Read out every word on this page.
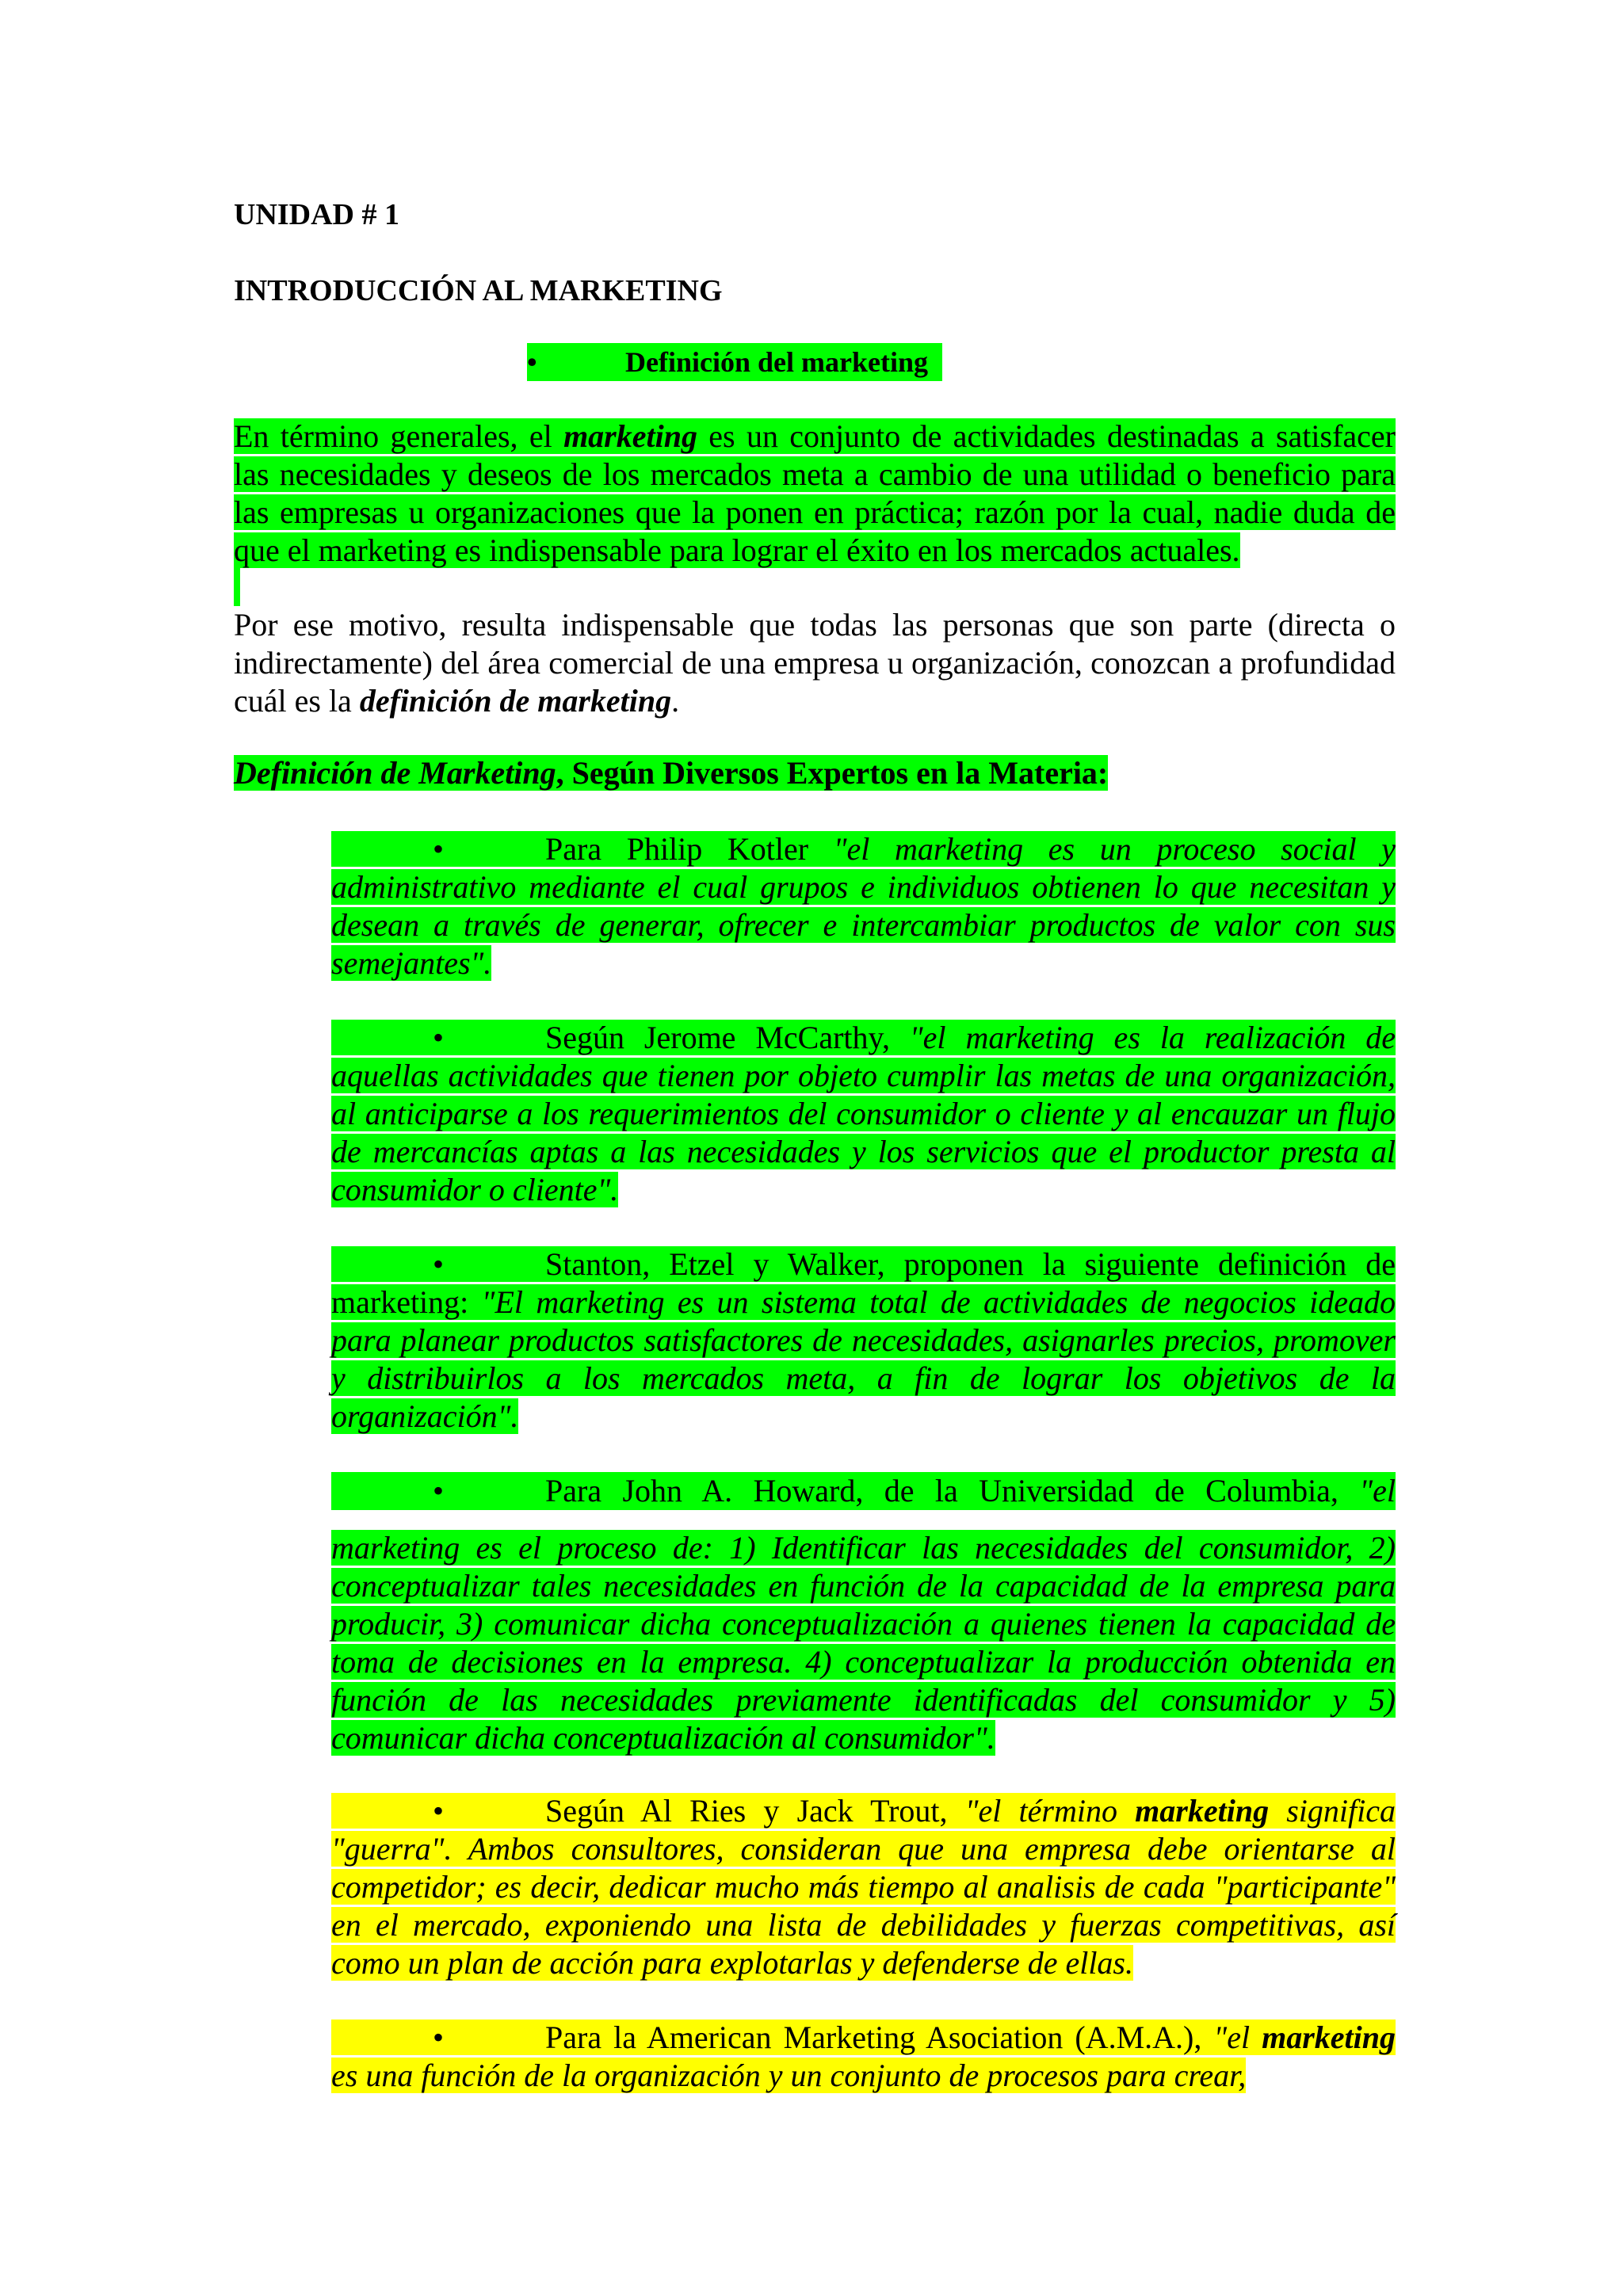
UNIDAD # 1
INTRODUCCIÓN AL MARKETING
•	Definición del marketing
En término generales, el marketing es un conjunto de actividades destinadas a satisfacer las necesidades y deseos de los mercados meta a cambio de una utilidad o beneficio para las empresas u organizaciones que la ponen en práctica; razón por la cual, nadie duda de que el marketing es indispensable para lograr el éxito en los mercados actuales.
Por ese motivo, resulta indispensable que todas las personas que son parte (directa o indirectamente) del área comercial de una empresa u organización, conozcan a profundidad cuál es la definición de marketing.
Definición de Marketing, Según Diversos Expertos en la Materia:
•	Para Philip Kotler "el marketing es un proceso social y administrativo mediante el cual grupos e individuos obtienen lo que necesitan y desean a través de generar, ofrecer e intercambiar productos de valor con sus semejantes".
•	Según Jerome McCarthy, "el marketing es la realización de aquellas actividades que tienen por objeto cumplir las metas de una organización, al anticiparse a los requerimientos del consumidor o cliente y al encauzar un flujo de mercancías aptas a las necesidades y los servicios que el productor presta al consumidor o cliente".
•	Stanton, Etzel y Walker, proponen la siguiente definición de marketing: "El marketing es un sistema total de actividades de negocios ideado para planear productos satisfactores de necesidades, asignarles precios, promover y distribuirlos a los mercados meta, a fin de lograr los objetivos de la organización".
•	Para John A. Howard, de la Universidad de Columbia, "el
marketing es el proceso de: 1) Identificar las necesidades del consumidor, 2) conceptualizar tales necesidades en función de la capacidad de la empresa para producir, 3) comunicar dicha conceptualización a quienes tienen la capacidad de toma de decisiones en la empresa. 4) conceptualizar la producción obtenida en función de las necesidades previamente identificadas del consumidor y 5) comunicar dicha conceptualización al consumidor".
•	Según Al Ries y Jack Trout, "el término marketing significa "guerra". Ambos consultores, consideran que una empresa debe orientarse al competidor; es decir, dedicar mucho más tiempo al analisis de cada "participante" en el mercado, exponiendo una lista de debilidades y fuerzas competitivas, así como un plan de acción para explotarlas y defenderse de ellas.
•	Para la American Marketing Asociation (A.M.A.), "el marketing es una función de la organización y un conjunto de procesos para crear,
